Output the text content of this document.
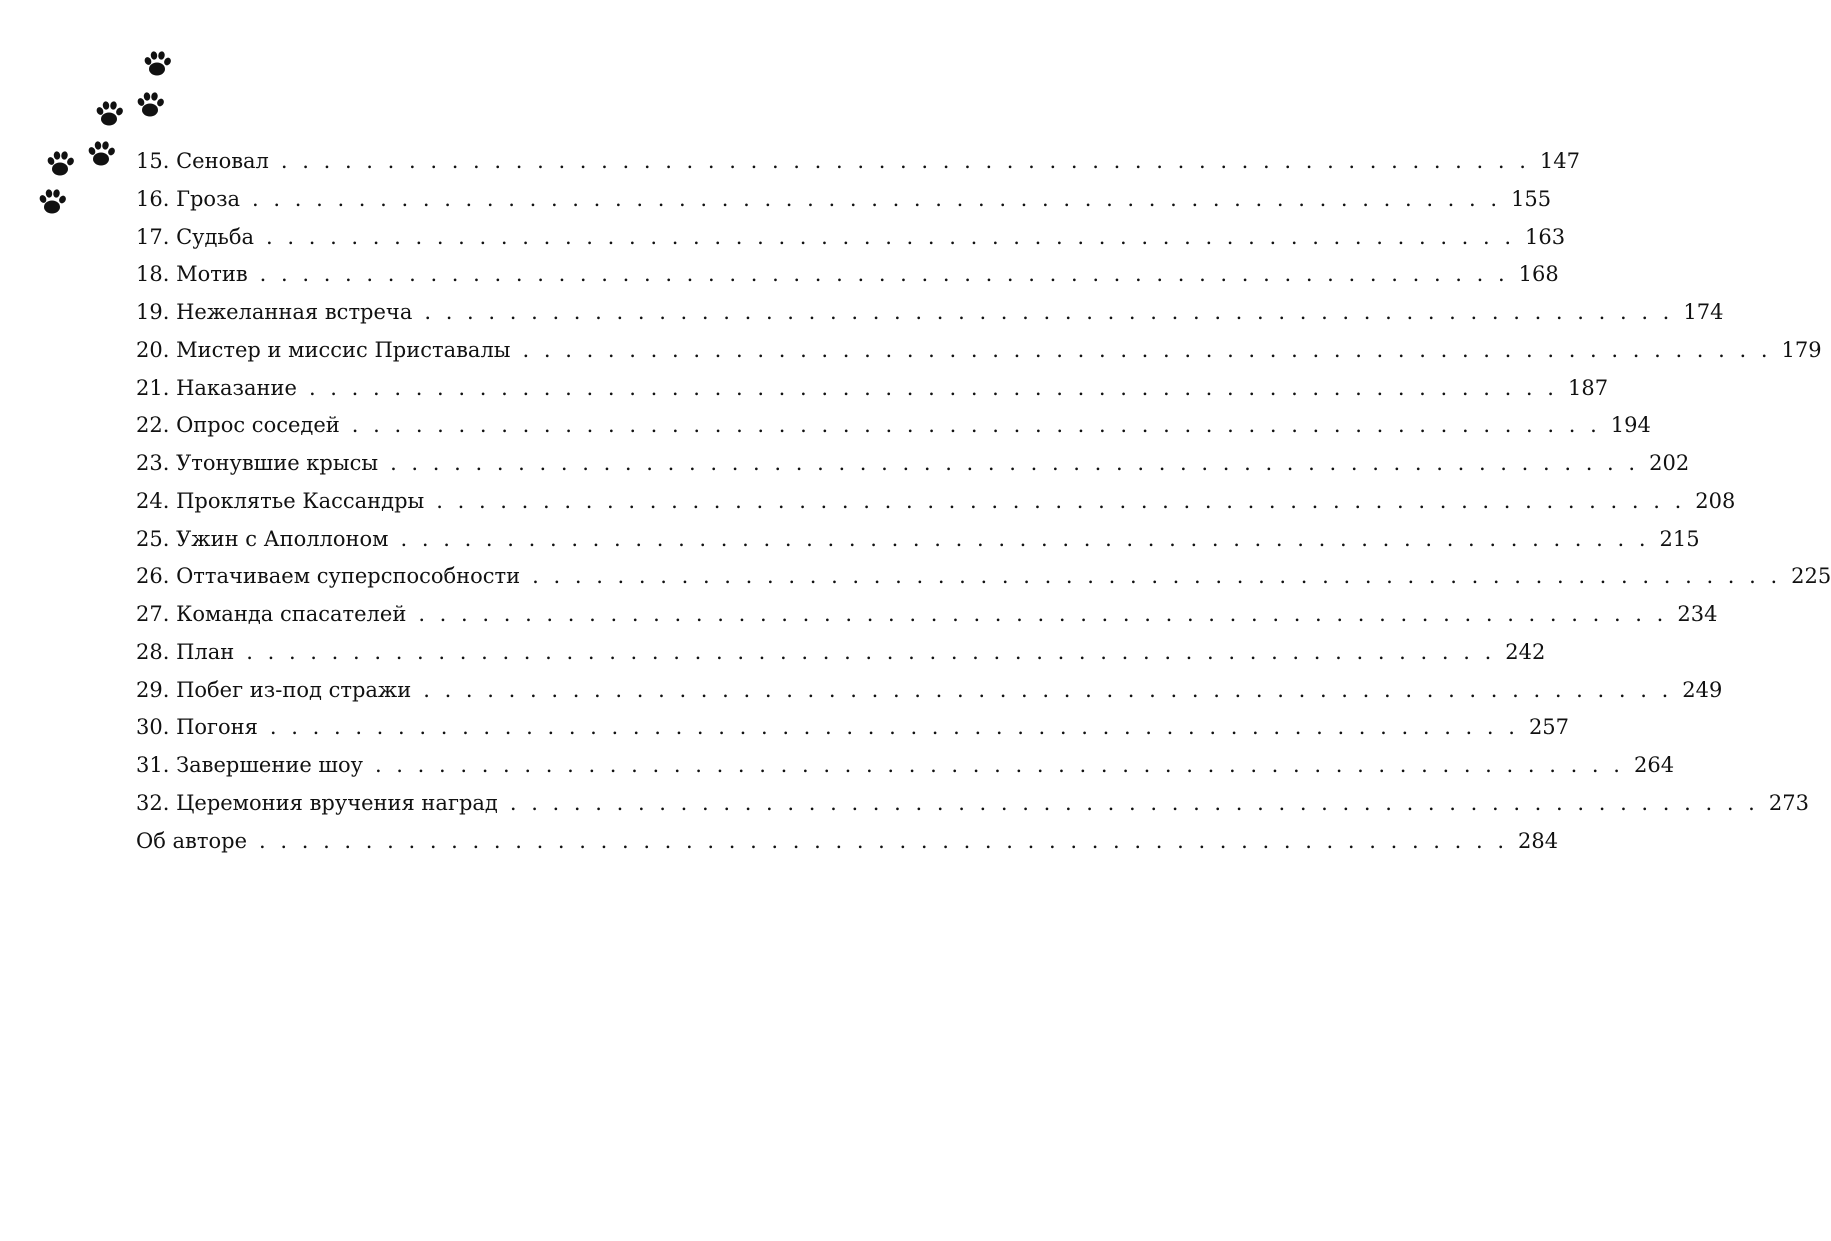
15. Сеновал . . . . . . . . . . . . . . . . . . . . . . . . . . . . . . . . . . . . . . . . . . . . . . . . . . . . . . . . . . . 147
16. Гроза . . . . . . . . . . . . . . . . . . . . . . . . . . . . . . . . . . . . . . . . . . . . . . . . . . . . . . . . . . . 155
17. Судьба . . . . . . . . . . . . . . . . . . . . . . . . . . . . . . . . . . . . . . . . . . . . . . . . . . . . . . . . . . . 163
18. Мотив . . . . . . . . . . . . . . . . . . . . . . . . . . . . . . . . . . . . . . . . . . . . . . . . . . . . . . . . . . . 168
19. Нежеланная встреча . . . . . . . . . . . . . . . . . . . . . . . . . . . . . . . . . . . . . . . . . . . . . . . . . . . . . . . . . . . 174
20. Мистер и миссис Приставалы . . . . . . . . . . . . . . . . . . . . . . . . . . . . . . . . . . . . . . . . . . . . . . . . . . . . . . . . . . . 179
21. Наказание . . . . . . . . . . . . . . . . . . . . . . . . . . . . . . . . . . . . . . . . . . . . . . . . . . . . . . . . . . . 187
22. Опрос соседей . . . . . . . . . . . . . . . . . . . . . . . . . . . . . . . . . . . . . . . . . . . . . . . . . . . . . . . . . . . 194
23. Утонувшие крысы . . . . . . . . . . . . . . . . . . . . . . . . . . . . . . . . . . . . . . . . . . . . . . . . . . . . . . . . . . . 202
24. Проклятье Кассандры . . . . . . . . . . . . . . . . . . . . . . . . . . . . . . . . . . . . . . . . . . . . . . . . . . . . . . . . . . . 208
25. Ужин с Аполлоном . . . . . . . . . . . . . . . . . . . . . . . . . . . . . . . . . . . . . . . . . . . . . . . . . . . . . . . . . . . 215
26. Оттачиваем суперспособности . . . . . . . . . . . . . . . . . . . . . . . . . . . . . . . . . . . . . . . . . . . . . . . . . . . . . . . . . . . 225
27. Команда спасателей . . . . . . . . . . . . . . . . . . . . . . . . . . . . . . . . . . . . . . . . . . . . . . . . . . . . . . . . . . . 234
28. План . . . . . . . . . . . . . . . . . . . . . . . . . . . . . . . . . . . . . . . . . . . . . . . . . . . . . . . . . . . 242
29. Побег из-под стражи . . . . . . . . . . . . . . . . . . . . . . . . . . . . . . . . . . . . . . . . . . . . . . . . . . . . . . . . . . . 249
30. Погоня . . . . . . . . . . . . . . . . . . . . . . . . . . . . . . . . . . . . . . . . . . . . . . . . . . . . . . . . . . . 257
31. Завершение шоу . . . . . . . . . . . . . . . . . . . . . . . . . . . . . . . . . . . . . . . . . . . . . . . . . . . . . . . . . . . 264
32. Церемония вручения наград . . . . . . . . . . . . . . . . . . . . . . . . . . . . . . . . . . . . . . . . . . . . . . . . . . . . . . . . . . . 273
Об авторе . . . . . . . . . . . . . . . . . . . . . . . . . . . . . . . . . . . . . . . . . . . . . . . . . . . . . . . . . . . 284
